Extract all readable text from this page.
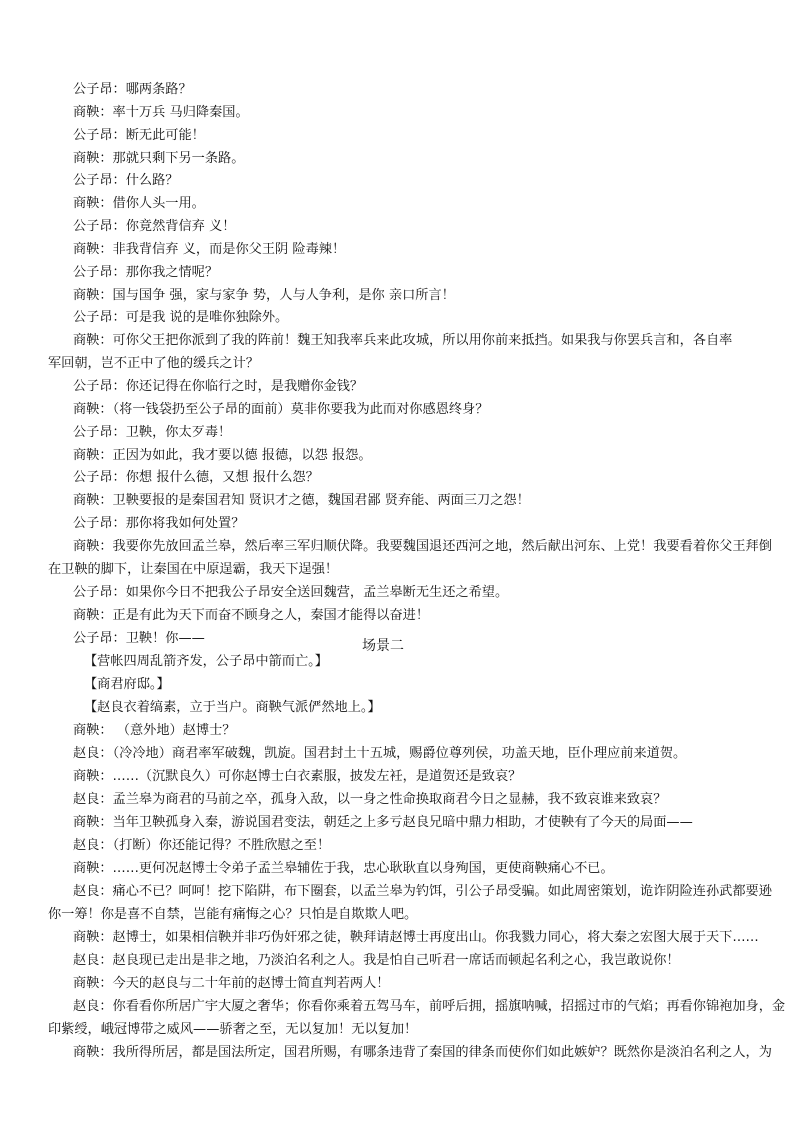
公子昂：哪两条路？
商鞅：率十万兵 马归降秦国。
公子昂：断无此可能！
商鞅：那就只剩下另一条路。
公子昂：什么路？
商鞅：借你人头一用。
公子昂：你竟然背信弃 义！
商鞅：非我背信弃 义，而是你父王阴 险毒辣！
公子昂：那你我之情呢？
商鞅：国与国争 强，家与家争 势，人与人争利，是你 亲口所言！
公子昂：可是我 说的是唯你独除外。
商鞅：可你父王把你派到了我的阵前！魏王知我率兵来此攻城，所以用你前来抵挡。如果我与你罢兵言和，各自率
军回朝，岂不正中了他的缓兵之计？
公子昂：你还记得在你临行之时，是我赠你金钱？
商鞅：（将一钱袋扔至公子昂的面前）莫非你要我为此而对你感恩终身？
公子昂：卫鞅，你太歹毒！
商鞅：正因为如此，我才要以德 报德，以怨 报怨。
公子昂：你想 报什么德，又想 报什么怨？
商鞅：卫鞅要报的是秦国君知 贤识才之德，魏国君鄙 贤弃能、两面三刀之怨！
公子昂：那你将我如何处置？
商鞅：我要你先放回孟兰皋，然后率三军归顺伏降。我要魏国退还西河之地，然后献出河东、上党！我要看着你父王拜倒
在卫鞅的脚下，让秦国在中原逞霸，我天下逞强！
公子昂：如果你今日不把我公子昂安全送回魏营，孟兰皋断无生还之希望。
商鞅：正是有此为天下而奋不顾身之人，秦国才能得以奋进！
公子昂：卫鞅！你——
【营帐四周乱箭齐发，公子昂中箭而亡。】
场景二
【商君府邸。】
【赵良衣着缟素，立于当户。商鞅气派俨然地上。】
商鞅： （意外地）赵博士？
赵良：（冷冷地）商君率军破魏，凯旋。国君封土十五城，赐爵位尊列侯，功盖天地，臣仆理应前来道贺。
商鞅：……（沉默良久）可你赵博士白衣素服，披发左衽，是道贺还是致哀？
赵良：孟兰皋为商君的马前之卒，孤身入敌，以一身之性命换取商君今日之显赫，我不致哀谁来致哀？
商鞅：当年卫鞅孤身入秦，游说国君变法，朝廷之上多亏赵良兄暗中鼎力相助，才使鞅有了今天的局面——
赵良：（打断）你还能记得？不胜欣慰之至！
商鞅：……更何况赵博士令弟子孟兰皋辅佐于我，忠心耿耿直以身殉国，更使商鞅痛心不已。
赵良：痛心不已？呵呵！挖下陷阱，布下圈套，以孟兰皋为钓饵，引公子昂受骗。如此周密策划，诡诈阴险连孙武都要逊
你一筹！你是喜不自禁，岂能有痛悔之心？只怕是自欺欺人吧。
商鞅：赵博士，如果相信鞅并非巧伪奸邪之徒，鞅拜请赵博士再度出山。你我戮力同心，将大秦之宏图大展于天下……
赵良：赵良现已走出是非之地，乃淡泊名利之人。我是怕自己听君一席话而顿起名利之心，我岂敢说你！
商鞅：今天的赵良与二十年前的赵博士简直判若两人！
赵良：你看看你所居广宇大厦之奢华；你看你乘着五驾马车，前呼后拥，摇旗呐喊，招摇过市的气焰；再看你锦袍加身，金
印紫绶，峨冠博带之威风——骄奢之至，无以复加！无以复加！
商鞅：我所得所居，都是国法所定，国君所赐，有哪条违背了秦国的律条而使你们如此嫉妒？既然你是淡泊名利之人，为
